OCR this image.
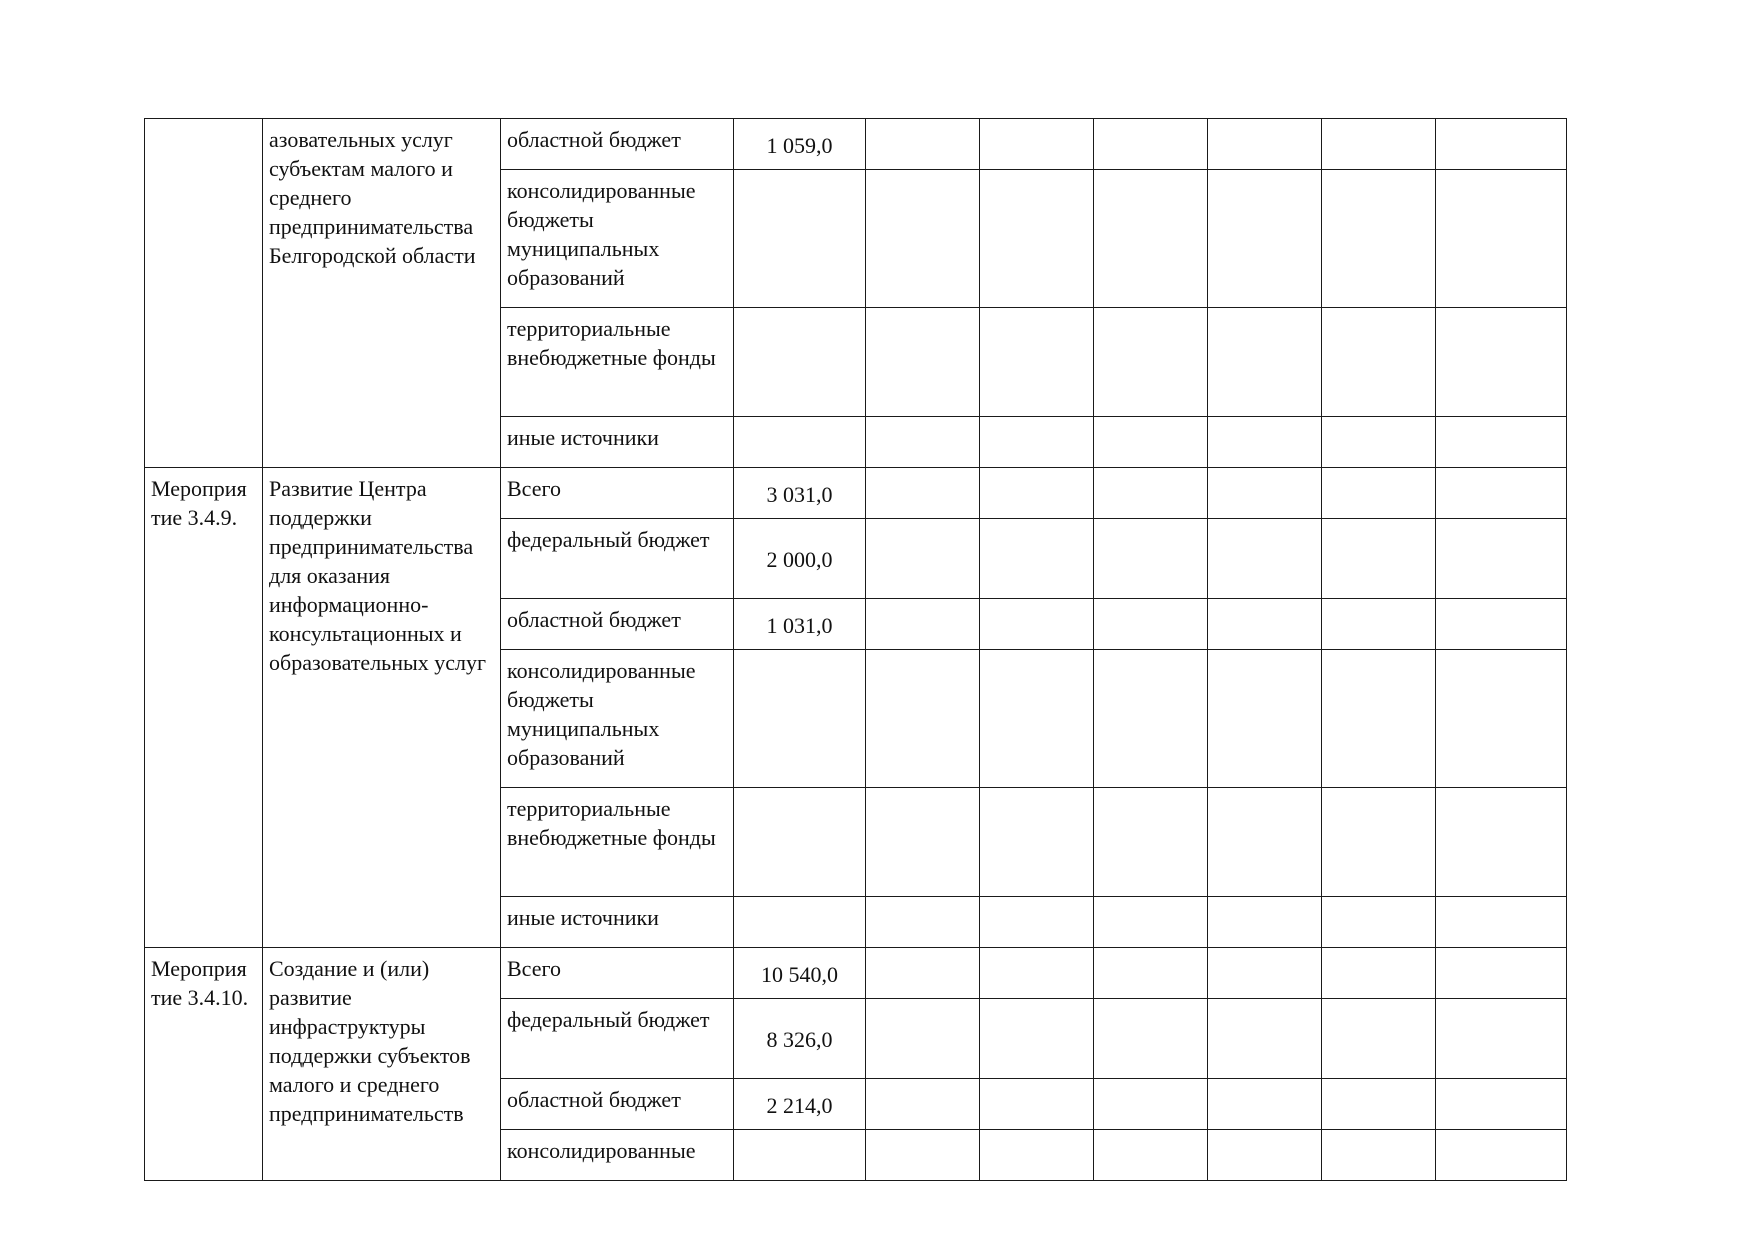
	азовательных услуг субъектам малого и среднего предпринимательства Белгородской области	областной бюджет	1 059,0						
		консолидированные бюджеты муниципальных образований							
		территориальные внебюджетные фонды							
		иные источники							
Мероприятие 3.4.9.	Развитие Центра поддержки предпринимательства для оказания информационно-консультационных и образовательных услуг	Всего	3 031,0						
		федеральный бюджет	2 000,0						
		областной бюджет	1 031,0						
		консолидированные бюджеты муниципальных образований							
		территориальные внебюджетные фонды							
		иные источники							
Мероприятие 3.4.10.	Создание и (или) развитие инфраструктуры поддержки субъектов малого и среднего предпринимательств	Всего	10 540,0						
		федеральный бюджет	8 326,0						
		областной бюджет	2 214,0						
		консолидированные							
